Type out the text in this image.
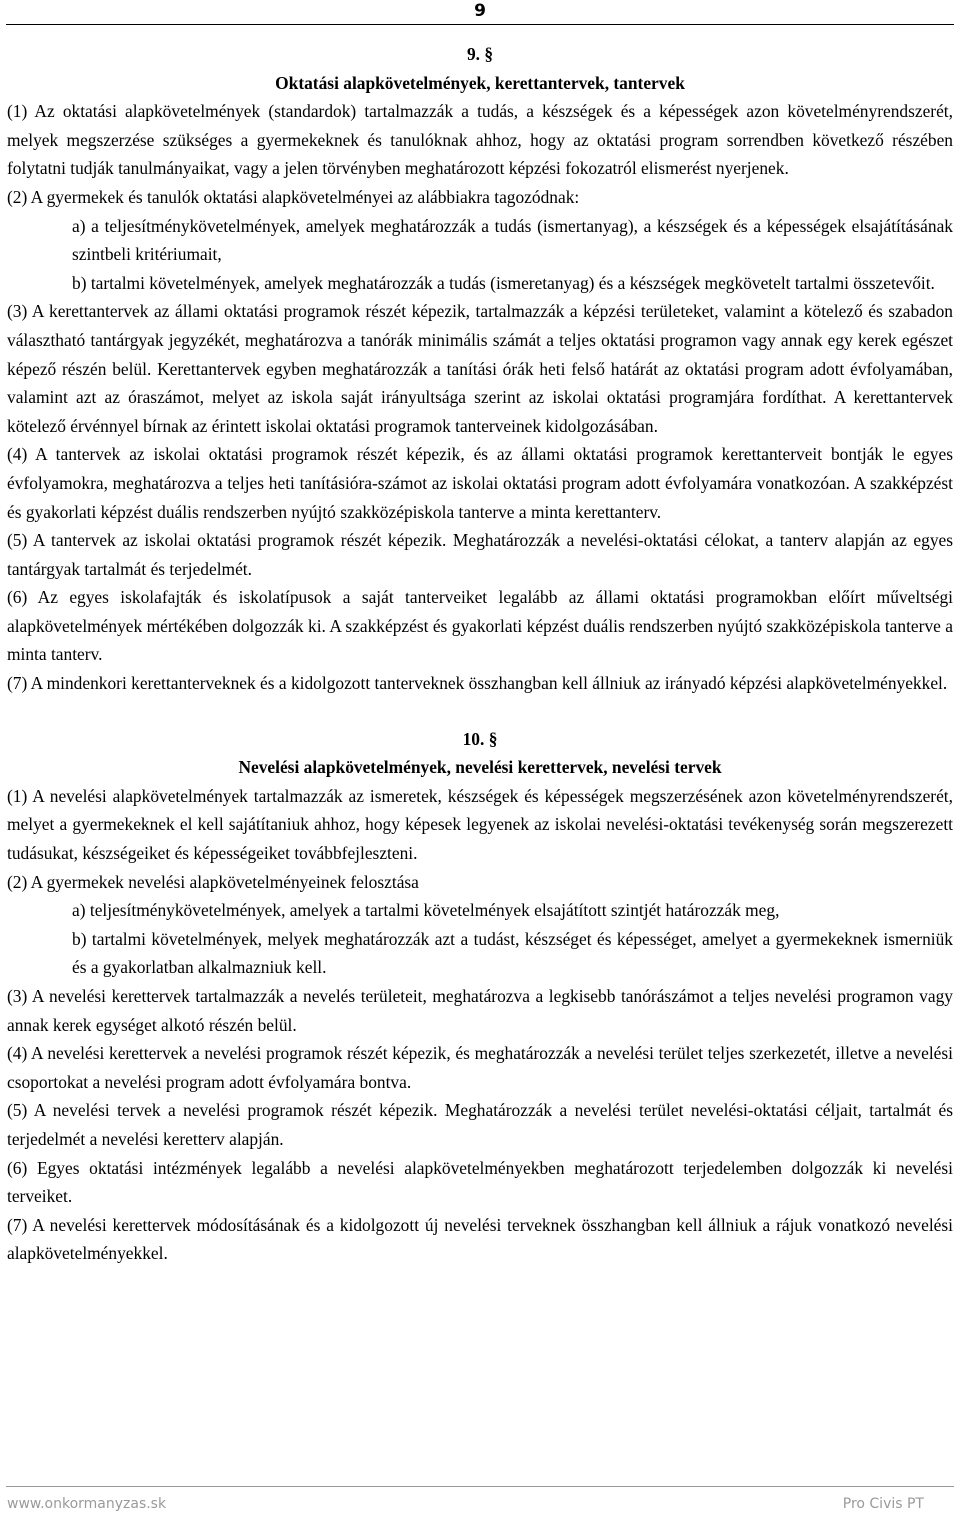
9

9. §

Oktatási alapkövetelmények, kerettantervek, tantervek

(1) Az oktatási alapkövetelmények (standardok) tartalmazzák a tudás, a készségek és a képességek azon követelményrendszerét, melyek megszerzése szükséges a gyermekeknek és tanulóknak ahhoz, hogy az oktatási program sorrendben következő részében folytatni tudják tanulmányaikat, vagy a jelen törvényben meghatározott képzési fokozatról elismerést nyerjenek.

(2) A gyermekek és tanulók oktatási alapkövetelményei az alábbiakra tagozódnak:

a) a teljesítménykövetelmények, amelyek meghatározzák a tudás (ismertanyag), a készségek és a képességek elsajátításának szintbeli kritériumait,

b) tartalmi követelmények, amelyek meghatározzák a tudás (ismeretanyag) és a készségek megkövetelt tartalmi összetevőit.

(3) A kerettantervek az állami oktatási programok részét képezik, tartalmazzák a képzési területeket, valamint a kötelező és szabadon választható tantárgyak jegyzékét, meghatározva a tanórák minimális számát a teljes oktatási programon vagy annak egy kerek egészet képező részén belül. Kerettantervek egyben meghatározzák a tanítási órák heti felső határát az oktatási program adott évfolyamában, valamint azt az óraszámot, melyet az iskola saját irányultsága szerint az iskolai oktatási programjára fordíthat. A kerettantervek kötelező érvénnyel bírnak az érintett iskolai oktatási programok tanterveinek kidolgozásában.

(4) A tantervek az iskolai oktatási programok részét képezik, és az állami oktatási programok kerettanterveit bontják le egyes évfolyamokra, meghatározva a teljes heti tanításióra-számot az iskolai oktatási program adott évfolyamára vonatkozóan. A szakképzést és gyakorlati képzést duális rendszerben nyújtó szakközépiskola tanterve a minta kerettanterv.

(5) A tantervek az iskolai oktatási programok részét képezik. Meghatározzák a nevelési-oktatási célokat, a tanterv alapján az egyes tantárgyak tartalmát és terjedelmét.

(6) Az egyes iskolafajták és iskolatípusok a saját tanterveiket legalább az állami oktatási programokban előírt műveltségi alapkövetelmények mértékében dolgozzák ki. A szakképzést és gyakorlati képzést duális rendszerben nyújtó szakközépiskola tanterve a minta tanterv.

(7) A mindenkori kerettanterveknek és a kidolgozott tanterveknek összhangban kell állniuk az irányadó képzési alapkövetelményekkel.

10. §

Nevelési alapkövetelmények, nevelési kerettervek, nevelési tervek

(1) A nevelési alapkövetelmények tartalmazzák az ismeretek, készségek és képességek megszerzésének azon követelményrendszerét, melyet a gyermekeknek el kell sajátítaniuk ahhoz, hogy képesek legyenek az iskolai nevelési-oktatási tevékenység során megszerezett tudásukat, készségeiket és képességeiket továbbfejleszteni.

(2) A gyermekek nevelési alapkövetelményeinek felosztása

a) teljesítménykövetelmények, amelyek a tartalmi követelmények elsajátított szintjét határozzák meg,

b) tartalmi követelmények, melyek meghatározzák azt a tudást, készséget és képességet, amelyet a gyermekeknek ismerniük és a gyakorlatban alkalmazniuk kell.

(3) A nevelési kerettervek tartalmazzák a nevelés területeit, meghatározva a legkisebb tanórászámot a teljes nevelési programon vagy annak kerek egységet alkotó részén belül.

(4) A nevelési kerettervek a nevelési programok részét képezik, és meghatározzák a nevelési terület teljes szerkezetét, illetve a nevelési csoportokat a nevelési program adott évfolyamára bontva.

(5) A nevelési tervek a nevelési programok részét képezik. Meghatározzák a nevelési terület nevelési-oktatási céljait, tartalmát és terjedelmét a nevelési keretterv alapján.

(6) Egyes oktatási intézmények legalább a nevelési alapkövetelményekben meghatározott terjedelemben dolgozzák ki nevelési terveiket.

(7) A nevelési kerettervek módosításának és a kidolgozott új nevelési terveknek összhangban kell állniuk a rájuk vonatkozó nevelési alapkövetelményekkel.

www.onkormanyzas.sk	Pro Civis PT
